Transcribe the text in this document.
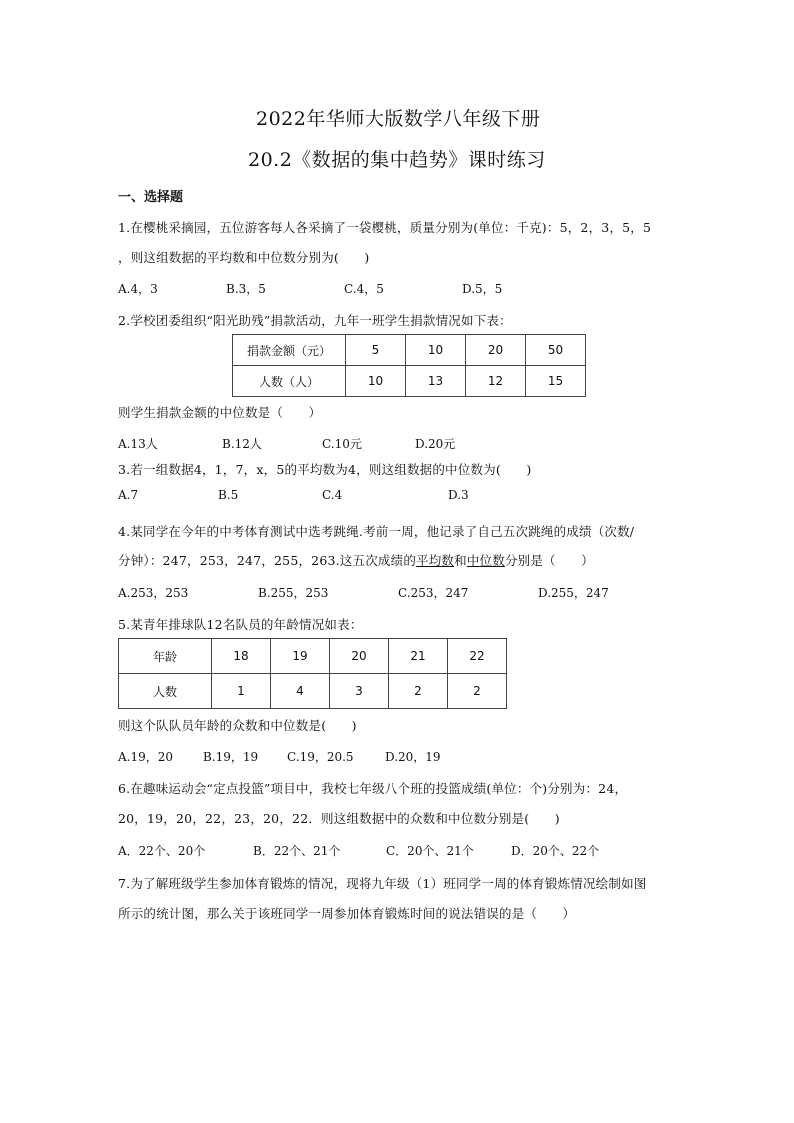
2022年华师大版数学八年级下册
20.2《数据的集中趋势》课时练习
一、选择题
1.在樱桃采摘园，五位游客每人各采摘了一袋樱桃，质量分别为(单位：千克)：5，2，3，5，5
，则这组数据的平均数和中位数分别为(　　)
A.4，3	B.3，5	C.4，5	D.5，5
2.学校团委组织“阳光助残”捐款活动，九年一班学生捐款情况如下表：
捐款金额（元）	5	10	20	50
人数（人）	10	13	12	15
则学生捐款金额的中位数是（　　）
A.13人	B.12人	C.10元	D.20元
3.若一组数据4，1，7，x，5的平均数为4，则这组数据的中位数为(　　)
A.7	B.5	C.4	D.3
4.某同学在今年的中考体育测试中选考跳绳.考前一周，他记录了自己五次跳绳的成绩（次数/
分钟）：247，253，247，255，263.这五次成绩的平均数和中位数分别是（　　）
A.253，253	B.255，253	C.253，247	D.255，247
5.某青年排球队12名队员的年龄情况如表：
年龄	18	19	20	21	22
人数	1	4	3	2	2
则这个队队员年龄的众数和中位数是(　　)
A.19，20 B.19，19 C.19，20.5	D.20，19
6.在趣味运动会“定点投篮”项目中，我校七年级八个班的投篮成绩(单位：个)分别为：24，
20，19，20，22，23，20，22．则这组数据中的众数和中位数分别是(　　)
A．22个、20个	B．22个、21个	C．20个、21个	D．20个、22个
7.为了解班级学生参加体育锻炼的情况，现将九年级（1）班同学一周的体育锻炼情况绘制如图
所示的统计图，那么关于该班同学一周参加体育锻炼时间的说法错误的是（　　）
